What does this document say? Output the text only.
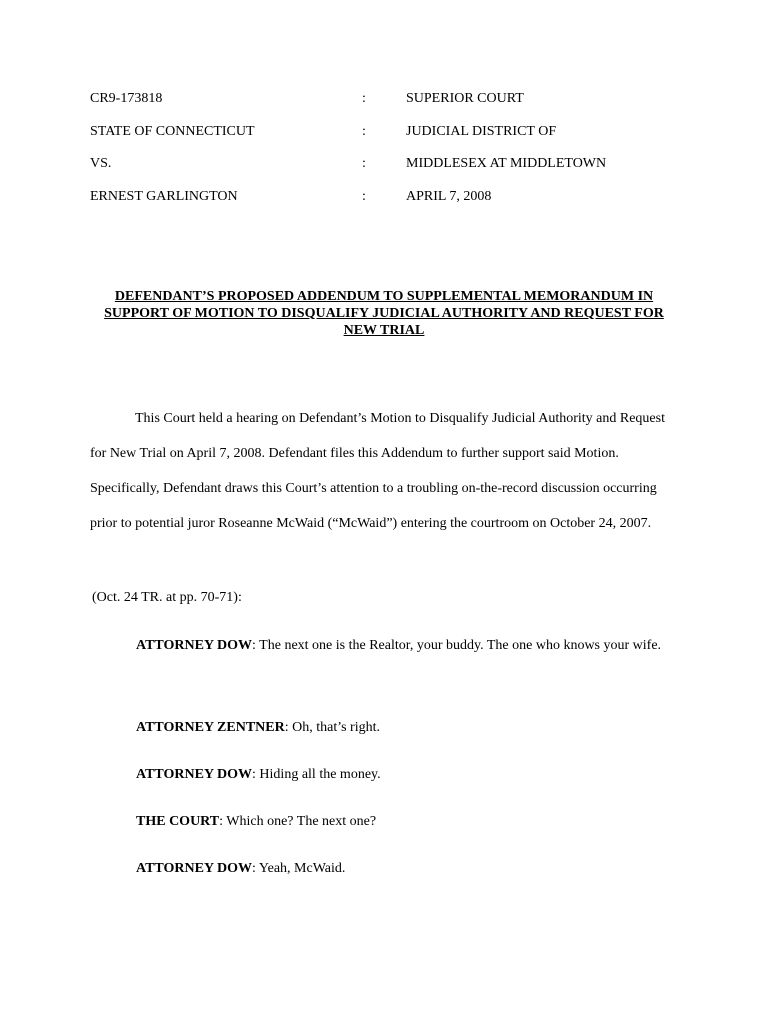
CR9-173818	:	SUPERIOR COURT
STATE OF CONNECTICUT	:	JUDICIAL DISTRICT OF
VS.	:	MIDDLESEX AT MIDDLETOWN
ERNEST GARLINGTON	:	APRIL 7, 2008
DEFENDANT’S PROPOSED ADDENDUM TO SUPPLEMENTAL MEMORANDUM IN SUPPORT OF MOTION TO DISQUALIFY JUDICIAL AUTHORITY AND REQUEST FOR NEW TRIAL

This Court held a hearing on Defendant’s Motion to Disqualify Judicial Authority and Request for New Trial on April 7, 2008. Defendant files this Addendum to further support said Motion. Specifically, Defendant draws this Court’s attention to a troubling on-the-record discussion occurring prior to potential juror Roseanne McWaid (“McWaid”) entering the courtroom on October 24, 2007.

(Oct. 24 TR. at pp. 70-71):
ATTORNEY DOW: The next one is the Realtor, your buddy. The one who knows your wife.
ATTORNEY ZENTNER: Oh, that’s right.
ATTORNEY DOW: Hiding all the money.
THE COURT: Which one? The next one?
ATTORNEY DOW: Yeah, McWaid.
